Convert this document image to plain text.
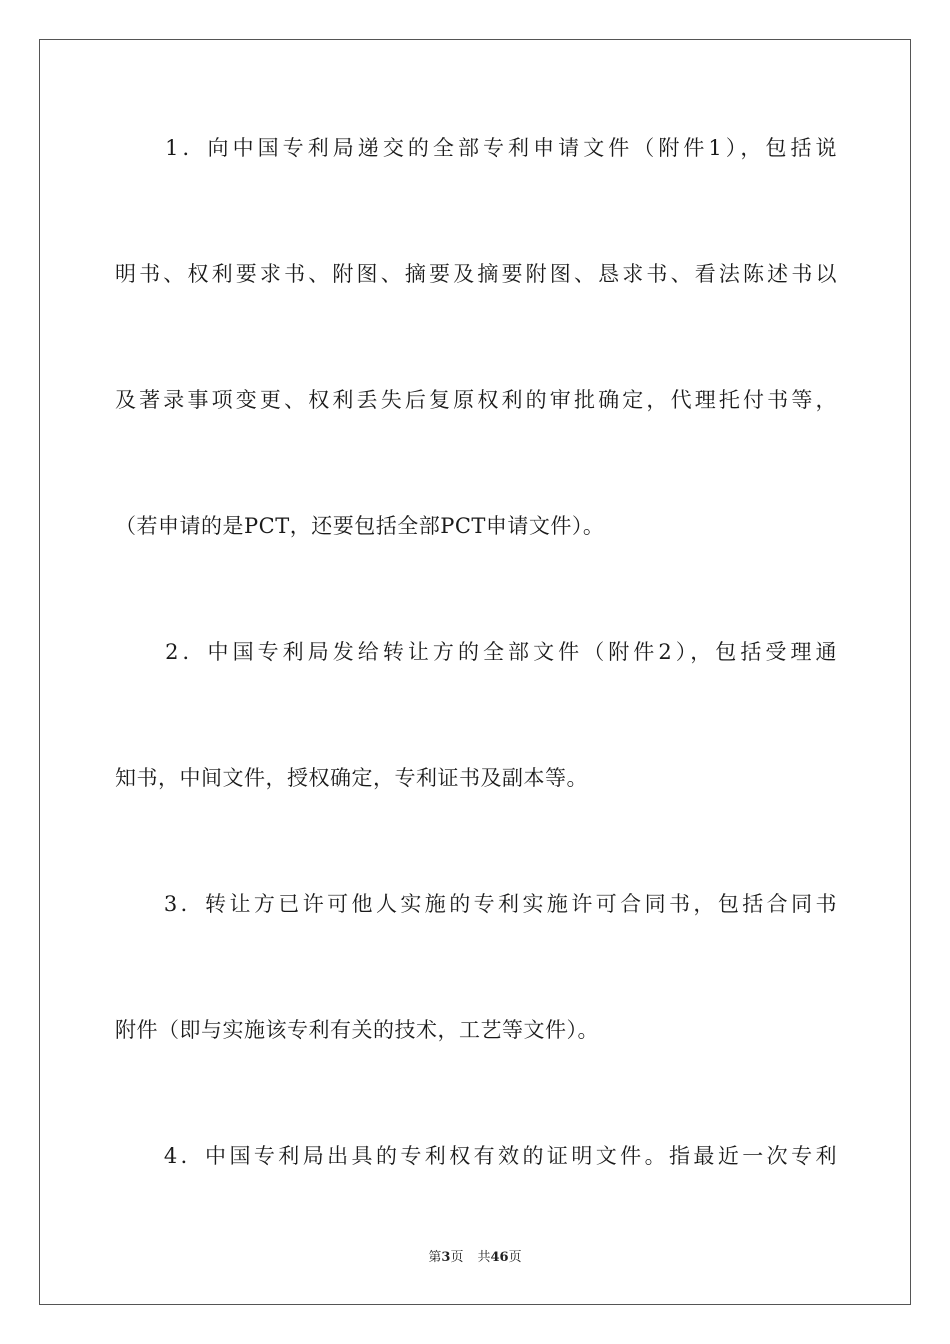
　　1．向中国专利局递交的全部专利申请文件（附件1），包括说
明书、权利要求书、附图、摘要及摘要附图、恳求书、看法陈述书以
及著录事项变更、权利丢失后复原权利的审批确定，代理托付书等，
（若申请的是PCT，还要包括全部PCT申请文件）。
　　2．中国专利局发给转让方的全部文件（附件2），包括受理通
知书，中间文件，授权确定，专利证书及副本等。
　　3．转让方已许可他人实施的专利实施许可合同书，包括合同书
附件（即与实施该专利有关的技术，工艺等文件）。
　　4．中国专利局出具的专利权有效的证明文件。指最近一次专利
第3页 共46页
